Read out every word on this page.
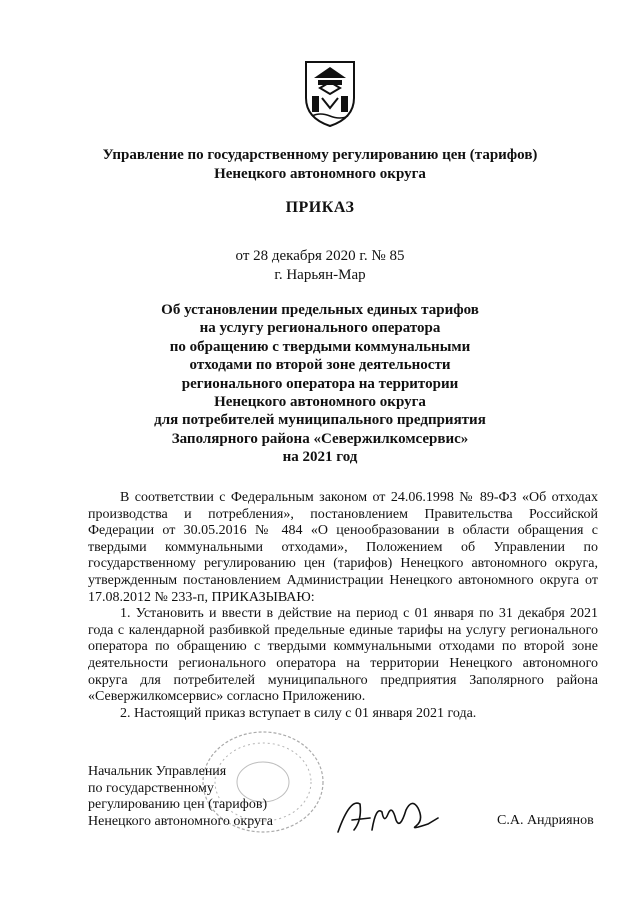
Управление по государственному регулированию цен (тарифов)
Ненецкого автономного округа
ПРИКАЗ
от 28 декабря 2020 г. № 85
г. Нарьян-Мар
Об установлении предельных единых тарифов
на услугу регионального оператора
по обращению с твердыми коммунальными
отходами по второй зоне деятельности
регионального оператора на территории
Ненецкого автономного округа
для потребителей муниципального предприятия
Заполярного района «Севержилкомсервис»
на 2021 год

В соответствии с Федеральным законом от 24.06.1998 № 89-ФЗ «Об отходах производства и потребления», постановлением Правительства Российской Федерации от 30.05.2016 № 484 «О ценообразовании в области обращения с твердыми коммунальными отходами», Положением об Управлении по государственному регулированию цен (тарифов) Ненецкого автономного округа, утвержденным постановлением Администрации Ненецкого автономного округа от 17.08.2012 № 233-п, ПРИКАЗЫВАЮ:

1. Установить и ввести в действие на период с 01 января по 31 декабря 2021 года с календарной разбивкой предельные единые тарифы на услугу регионального оператора по обращению с твердыми коммунальными отходами по второй зоне деятельности регионального оператора на территории Ненецкого автономного округа для потребителей муниципального предприятия Заполярного района «Севержилкомсервис» согласно Приложению.

2. Настоящий приказ вступает в силу с 01 января 2021 года.

Начальник Управления
по государственному
регулированию цен (тарифов)
Ненецкого автономного округа	С.А. Андриянов
